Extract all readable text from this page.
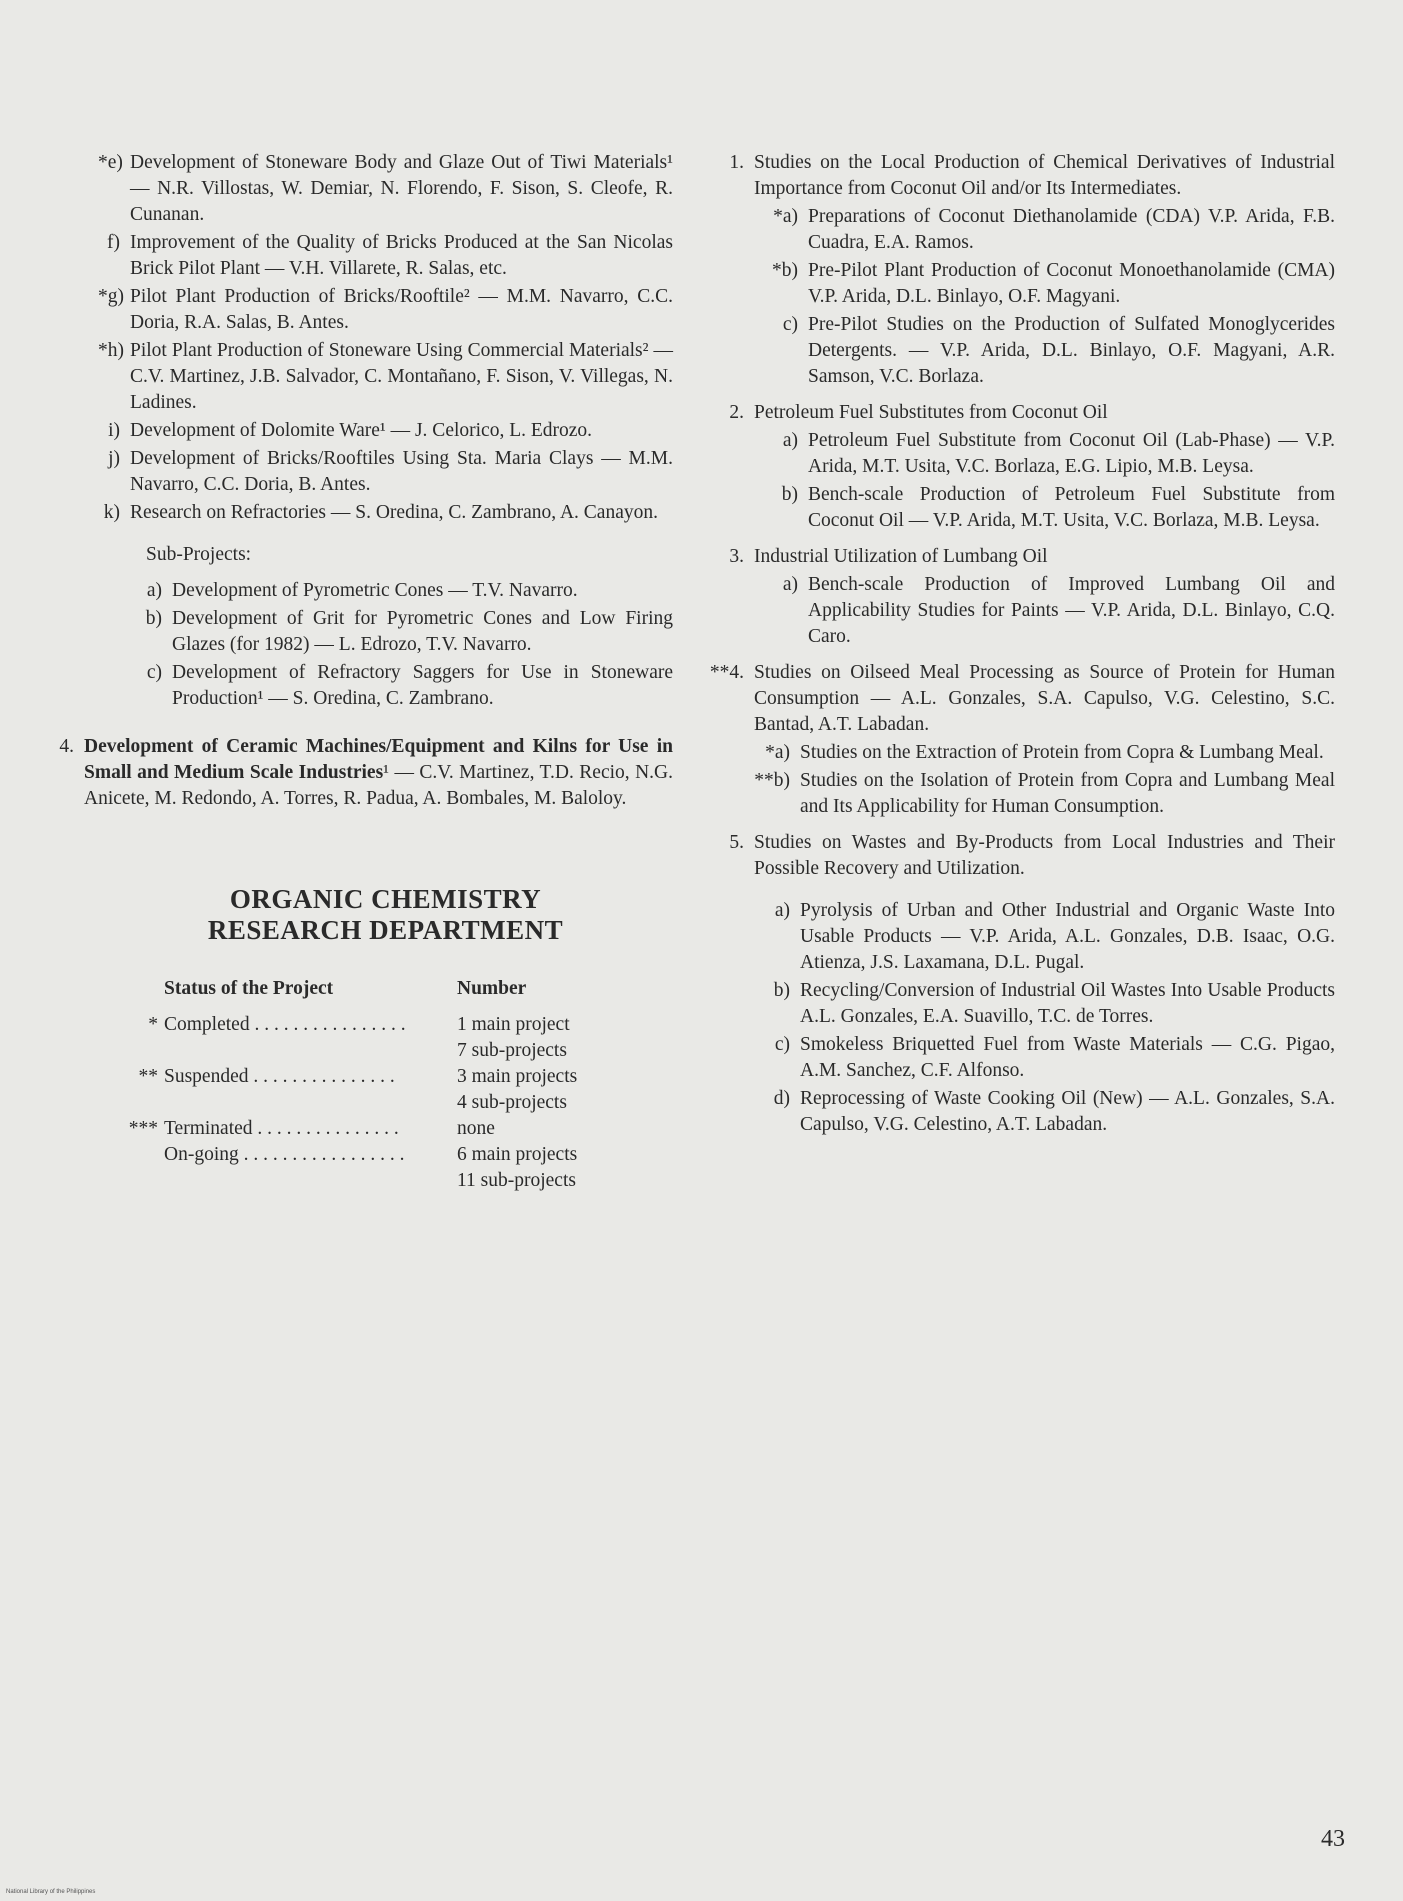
*e) Development of Stoneware Body and Glaze Out of Tiwi Materials¹ — N.R. Villostas, W. Demiar, N. Florendo, F. Sison, S. Cleofe, R. Cunanan.
f) Improvement of the Quality of Bricks Produced at the San Nicolas Brick Pilot Plant — V.H. Villarete, R. Salas, etc.
*g) Pilot Plant Production of Bricks/Rooftile² — M.M. Navarro, C.C. Doria, R.A. Salas, B. Antes.
*h) Pilot Plant Production of Stoneware Using Commercial Materials² — C.V. Martinez, J.B. Salvador, C. Montañano, F. Sison, V. Villegas, N. Ladines.
i) Development of Dolomite Ware¹ — J. Celorico, L. Edrozo.
j) Development of Bricks/Rooftiles Using Sta. Maria Clays — M.M. Navarro, C.C. Doria, B. Antes.
k) Research on Refractories — S. Oredina, C. Zambrano, A. Canayon.
Sub-Projects:
a) Development of Pyrometric Cones — T.V. Navarro.
b) Development of Grit for Pyrometric Cones and Low Firing Glazes (for 1982) — L. Edrozo, T.V. Navarro.
c) Development of Refractory Saggers for Use in Stoneware Production¹ — S. Oredina, C. Zambrano.
4. Development of Ceramic Machines/Equipment and Kilns for Use in Small and Medium Scale Industries¹ — C.V. Martinez, T.D. Recio, N.G. Anicete, M. Redondo, A. Torres, R. Padua, A. Bombales, M. Baloloy.
ORGANIC CHEMISTRY
RESEARCH DEPARTMENT
	Status of the Project	Number
*	Completed . . . . . . . . . . . . . . . .	1 main project
7 sub-projects

**	Suspended . . . . . . . . . . . . . . .	3 main projects
4 sub-projects

***	Terminated . . . . . . . . . . . . . . .	none

	On-going . . . . . . . . . . . . . . . . .	6 main projects
11 sub-projects
1. Studies on the Local Production of Chemical Derivatives of Industrial Importance from Coconut Oil and/or Its Intermediates.
*a) Preparations of Coconut Diethanolamide (CDA) V.P. Arida, F.B. Cuadra, E.A. Ramos.
*b) Pre-Pilot Plant Production of Coconut Monoethanolamide (CMA) V.P. Arida, D.L. Binlayo, O.F. Magyani.
c) Pre-Pilot Studies on the Production of Sulfated Monoglycerides Detergents. — V.P. Arida, D.L. Binlayo, O.F. Magyani, A.R. Samson, V.C. Borlaza.
2. Petroleum Fuel Substitutes from Coconut Oil
a) Petroleum Fuel Substitute from Coconut Oil (Lab-Phase) — V.P. Arida, M.T. Usita, V.C. Borlaza, E.G. Lipio, M.B. Leysa.
b) Bench-scale Production of Petroleum Fuel Substitute from Coconut Oil — V.P. Arida, M.T. Usita, V.C. Borlaza, M.B. Leysa.
3. Industrial Utilization of Lumbang Oil
a) Bench-scale Production of Improved Lumbang Oil and Applicability Studies for Paints — V.P. Arida, D.L. Binlayo, C.Q. Caro.
**4. Studies on Oilseed Meal Processing as Source of Protein for Human Consumption — A.L. Gonzales, S.A. Capulso, V.G. Celestino, S.C. Bantad, A.T. Labadan.
*a) Studies on the Extraction of Protein from Copra & Lumbang Meal.
**b) Studies on the Isolation of Protein from Copra and Lumbang Meal and Its Applicability for Human Consumption.
5. Studies on Wastes and By-Products from Local Industries and Their Possible Recovery and Utilization.
a) Pyrolysis of Urban and Other Industrial and Organic Waste Into Usable Products — V.P. Arida, A.L. Gonzales, D.B. Isaac, O.G. Atienza, J.S. Laxamana, D.L. Pugal.
b) Recycling/Conversion of Industrial Oil Wastes Into Usable Products A.L. Gonzales, E.A. Suavillo, T.C. de Torres.
c) Smokeless Briquetted Fuel from Waste Materials — C.G. Pigao, A.M. Sanchez, C.F. Alfonso.
d) Reprocessing of Waste Cooking Oil (New) — A.L. Gonzales, S.A. Capulso, V.G. Celestino, A.T. Labadan.
43
National Library of the Philippines
